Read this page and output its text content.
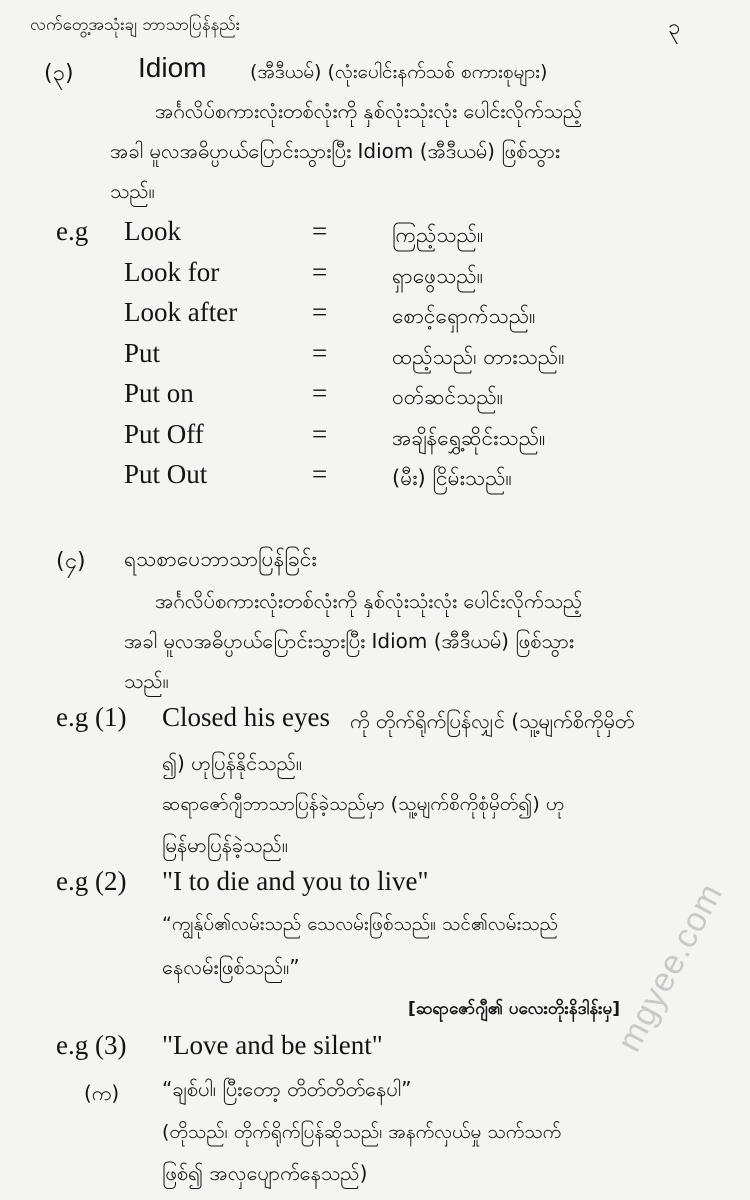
လက်တွေ့အသုံးချ ဘာသာပြန်နည်း	၃
(၃) Idiom (အီဒီယမ်) (လုံးပေါင်းနက်သစ် စကားစုများ)
အင်္ဂလိပ်စကားလုံးတစ်လုံးကို နှစ်လုံးသုံးလုံး ပေါင်းလိုက်သည့်
အခါ မူလအဓိပ္ပာယ်ပြောင်းသွားပြီး Idiom (အီဒီယမ်) ဖြစ်သွား
သည်။
e.g Look	=	ကြည့်သည်။
Look for	=	ရှာဖွေသည်။
Look after	=	စောင့်ရှောက်သည်။
Put	=	ထည့်သည်၊ တားသည်။
Put on	=	ဝတ်ဆင်သည်။
Put Off	=	အချိန်ရွှေ့ဆိုင်းသည်။
Put Out	=	(မီး) ငြိမ်းသည်။
(၄) ရသစာပေဘာသာပြန်ခြင်း
အင်္ဂလိပ်စကားလုံးတစ်လုံးကို နှစ်လုံးသုံးလုံး ပေါင်းလိုက်သည့်
အခါ မူလအဓိပ္ပာယ်ပြောင်းသွားပြီး Idiom (အီဒီယမ်) ဖြစ်သွား
သည်။
e.g (1) Closed his eyes ကို တိုက်ရိုက်ပြန်လျှင် (သူ့မျက်စိကိုမှိတ်
၍) ဟုပြန်နိုင်သည်။
ဆရာဇော်ဂျီဘာသာပြန်ခဲ့သည်မှာ (သူ့မျက်စိကိုစုံမှိတ်၍) ဟု
မြန်မာပြန်ခဲ့သည်။
e.g (2) "I to die and you to live"
“ကျွန်ုပ်၏လမ်းသည် သေလမ်းဖြစ်သည်။ သင်၏လမ်းသည်
နေလမ်းဖြစ်သည်။”
[ဆရာဇော်ဂျီ၏ ပလေးတိုးနိဒါန်းမှ]
e.g (3) "Love and be silent"
(က) “ချစ်ပါ၊ ပြီးတော့ တိတ်တိတ်နေပါ”
(တိုသည်၊ တိုက်ရိုက်ပြန်ဆိုသည်၊ အနက်လှယ်မှု သက်သက်
ဖြစ်၍ အလှပျောက်နေသည်)
mgyee.com
